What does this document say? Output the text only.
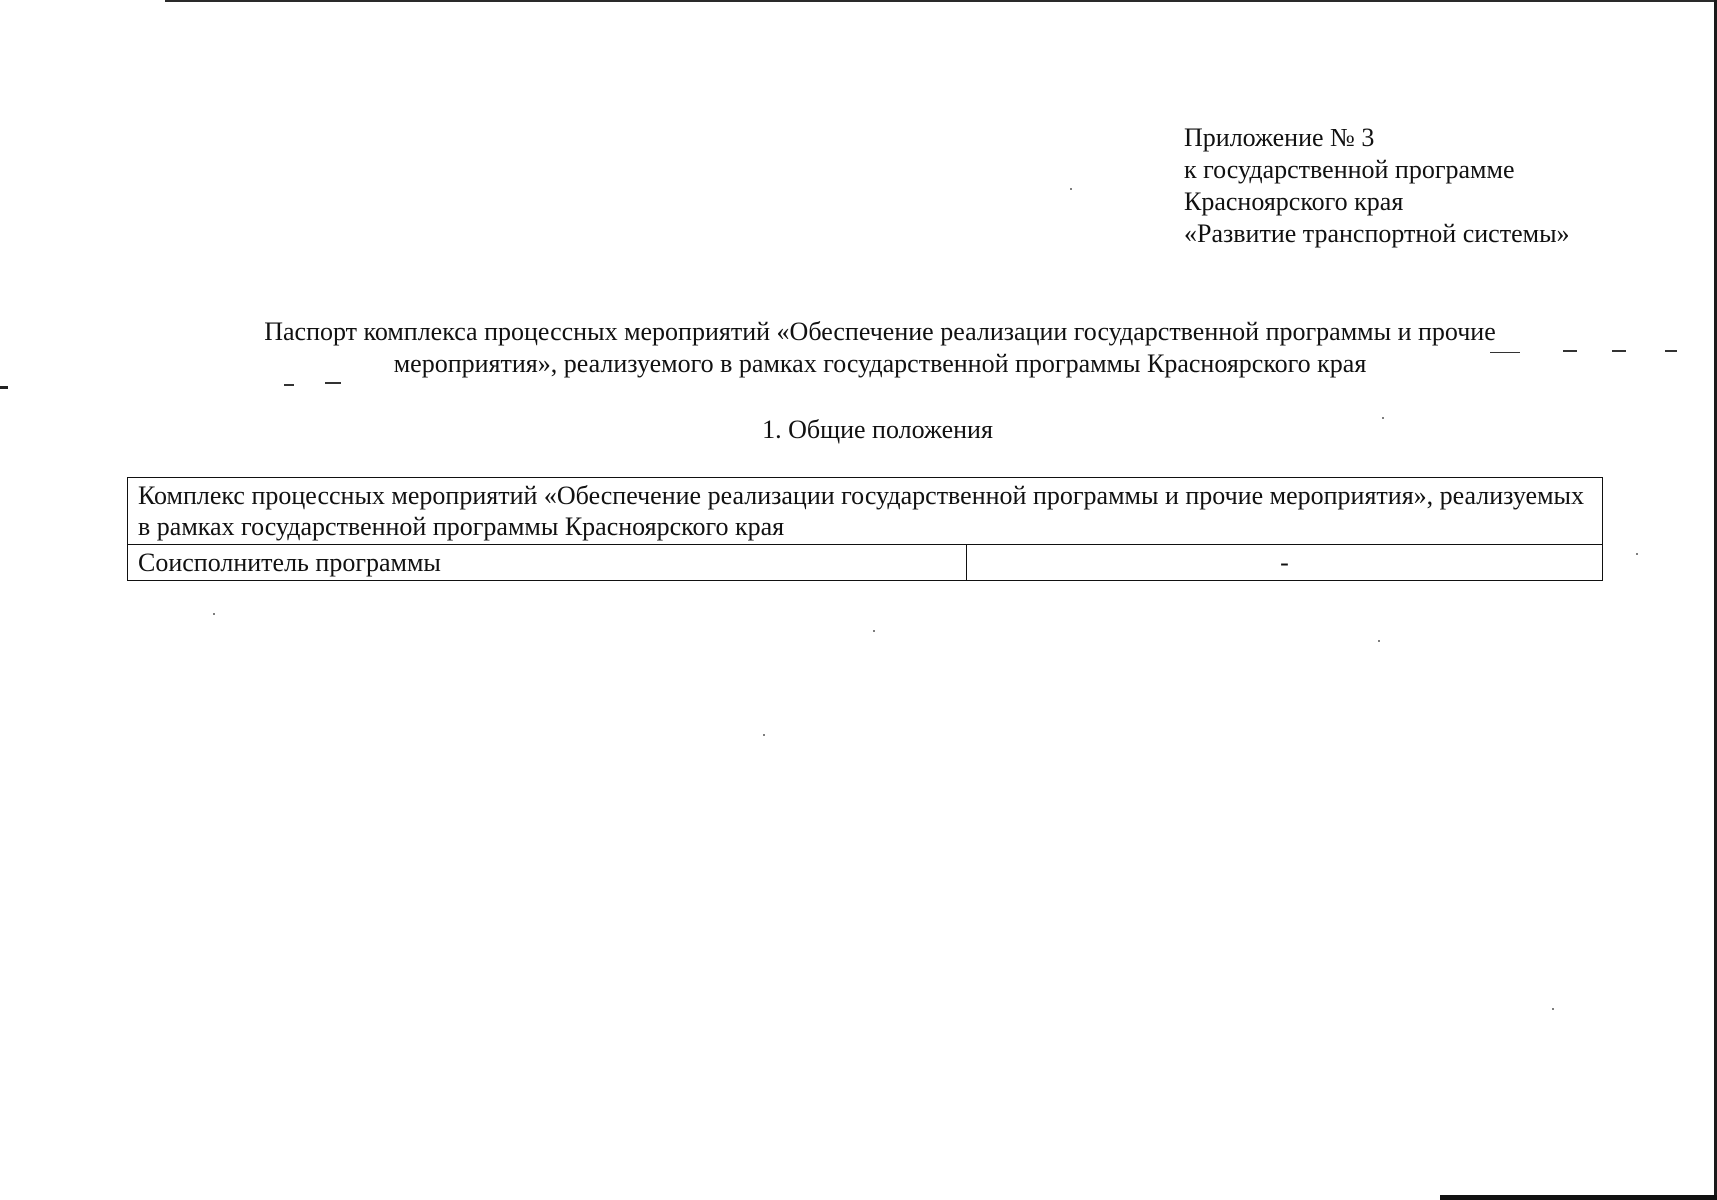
Приложение № 3
к государственной программе
Красноярского края
«Развитие транспортной системы»
Паспорт комплекса процессных мероприятий «Обеспечение реализации государственной программы и прочие
мероприятия», реализуемого в рамках государственной программы Красноярского края
1. Общие положения
Комплекс процессных мероприятий «Обеспечение реализации государственной программы и прочие мероприятия», реализуемых в рамках государственной программы Красноярского края
Соисполнитель программы	-
